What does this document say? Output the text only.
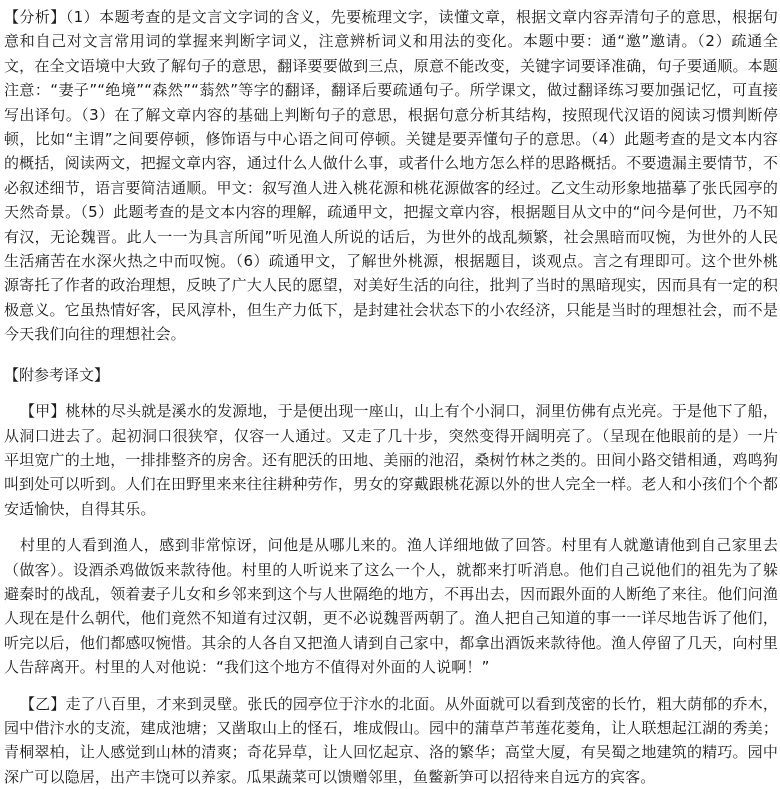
【分析】（1）本题考查的是文言文字词的含义，先要梳理文字，读懂文章，根据文章内容弄清句子的意思，根据句意和自己对文言常用词的掌握来判断字词义，注意辨析词义和用法的变化。本题中要：通“邀”邀请。（2）疏通全文，在全文语境中大致了解句子的意思，翻译要要做到三点，原意不能改变，关键字词要译准确，句子要通顺。本题注意：“妻子”“绝境”“森然”“蓊然”等字的翻译，翻译后要疏通句子。所学课文，做过翻译练习要加强记忆，可直接写出译句。（3）在了解文章内容的基础上判断句子的意思，根据句意分析其结构，按照现代汉语的阅读习惯判断停顿，比如“主谓”之间要停顿，修饰语与中心语之间可停顿。关键是要弄懂句子的意思。（4）此题考查的是文本内容的概括，阅读两文，把握文章内容，通过什么人做什么事，或者什么地方怎么样的思路概括。不要遗漏主要情节，不必叙述细节，语言要简洁通顺。甲文：叙写渔人进入桃花源和桃花源做客的经过。乙文生动形象地描摹了张氏园亭的天然奇景。（5）此题考查的是文本内容的理解，疏通甲文，把握文章内容，根据题目从文中的“问今是何世，乃不知有汉，无论魏晋。此人一一为具言所闻”听见渔人所说的话后，为世外的战乱频繁，社会黑暗而叹惋，为世外的人民生活痛苦在水深火热之中而叹惋。（6）疏通甲文，了解世外桃源，根据题目，谈观点。言之有理即可。这个世外桃源寄托了作者的政治理想，反映了广大人民的愿望，对美好生活的向往，批判了当时的黑暗现实，因而具有一定的积极意义。它虽热情好客，民风淳朴，但生产力低下，是封建社会状态下的小农经济，只能是当时的理想社会，而不是今天我们向往的理想社会。

【附参考译文】

【甲】桃林的尽头就是溪水的发源地，于是便出现一座山，山上有个小洞口，洞里仿佛有点光亮。于是他下了船，从洞口进去了。起初洞口很狭窄，仅容一人通过。又走了几十步，突然变得开阔明亮了。（呈现在他眼前的是）一片平坦宽广的土地，一排排整齐的房舍。还有肥沃的田地、美丽的池沼，桑树竹林之类的。田间小路交错相通，鸡鸣狗叫到处可以听到。人们在田野里来来往往耕种劳作，男女的穿戴跟桃花源以外的世人完全一样。老人和小孩们个个都安适愉快，自得其乐。

村里的人看到渔人，感到非常惊讶，问他是从哪儿来的。渔人详细地做了回答。村里有人就邀请他到自己家里去（做客）。设酒杀鸡做饭来款待他。村里的人听说来了这么一个人，就都来打听消息。他们自己说他们的祖先为了躲避秦时的战乱，领着妻子儿女和乡邻来到这个与人世隔绝的地方，不再出去，因而跟外面的人断绝了来往。他们问渔人现在是什么朝代，他们竟然不知道有过汉朝，更不必说魏晋两朝了。渔人把自己知道的事一一详尽地告诉了他们，听完以后，他们都感叹惋惜。其余的人各自又把渔人请到自己家中，都拿出酒饭来款待他。渔人停留了几天，向村里人告辞离开。村里的人对他说：“我们这个地方不值得对外面的人说啊！”

【乙】走了八百里，才来到灵壁。张氏的园亭位于汴水的北面。从外面就可以看到茂密的长竹，粗大荫郁的乔木，园中借汴水的支流，建成池塘；又凿取山上的怪石，堆成假山。园中的蒲草芦苇莲花菱角，让人联想起江湖的秀美；青桐翠柏，让人感觉到山林的清爽；奇花异草，让人回忆起京、洛的繁华；高堂大厦，有吴蜀之地建筑的精巧。园中深广可以隐居，出产丰饶可以养家。瓜果蔬菜可以馈赠邻里，鱼鳖新笋可以招待来自远方的宾客。
